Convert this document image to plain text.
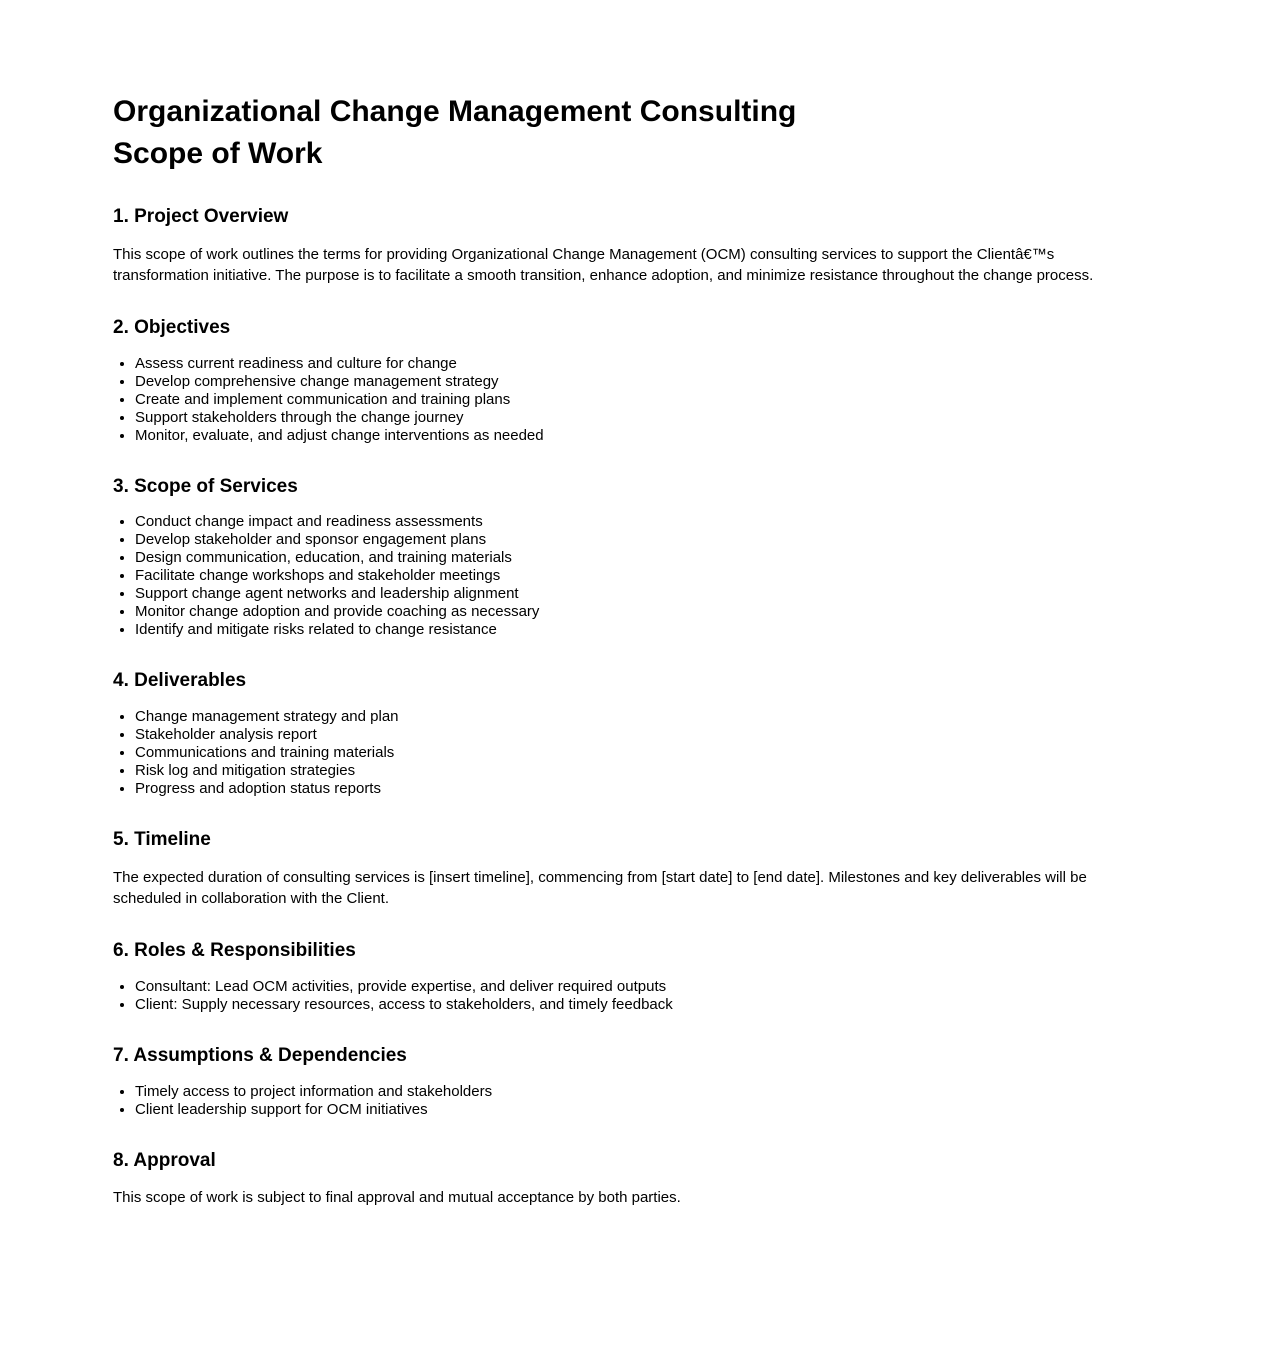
Organizational Change Management Consulting
Scope of Work
1. Project Overview

This scope of work outlines the terms for providing Organizational Change Management (OCM) consulting services to support the Clientâ€™s transformation initiative. The purpose is to facilitate a smooth transition, enhance adoption, and minimize resistance throughout the change process.

2. Objectives
• Assess current readiness and culture for change
• Develop comprehensive change management strategy
• Create and implement communication and training plans
• Support stakeholders through the change journey
• Monitor, evaluate, and adjust change interventions as needed
3. Scope of Services
• Conduct change impact and readiness assessments
• Develop stakeholder and sponsor engagement plans
• Design communication, education, and training materials
• Facilitate change workshops and stakeholder meetings
• Support change agent networks and leadership alignment
• Monitor change adoption and provide coaching as necessary
• Identify and mitigate risks related to change resistance
4. Deliverables
• Change management strategy and plan
• Stakeholder analysis report
• Communications and training materials
• Risk log and mitigation strategies
• Progress and adoption status reports
5. Timeline

The expected duration of consulting services is [insert timeline], commencing from [start date] to [end date]. Milestones and key deliverables will be scheduled in collaboration with the Client.

6. Roles & Responsibilities
• Consultant: Lead OCM activities, provide expertise, and deliver required outputs
• Client: Supply necessary resources, access to stakeholders, and timely feedback
7. Assumptions & Dependencies
• Timely access to project information and stakeholders
• Client leadership support for OCM initiatives
8. Approval

This scope of work is subject to final approval and mutual acceptance by both parties.
